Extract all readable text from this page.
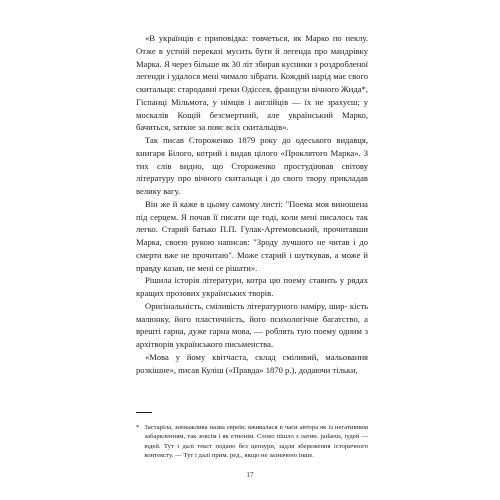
«В українців є приповідка: товчеться, як Марко по пеклу. Отже в устній переказі мусить бути й легенда про мандрівку Марка. Я через більше як 30 літ збирав кусники з роздробленої легенди і удалося мені чимало зібрати. Кождий нарід має свого скитальця: стародавні греки Одіссея, французи вічного Жида*, Гіспанці Мільмота, у німців і англійців — їх не зрахуєш; у москалів Кощій безсмертний, але український Марко, бачиться, заткне за пояс всіх скитальців».

Так писав Стороженко 1879 року до одеського видавця, книгаря Білого, котрий і видав цілого «Проклятого Марка». З тих слів видно, що Стороженко простудіював світову літературу про вічного скитальця і до свого твору прикладав велику вагу.

Він же й каже в цьому самому листі: "Поема моя виношена під серцем. Я почав її писати ще тоді, коли мені писалось так легко. Старий батько П.П. Гулак-Артемовський, прочитавши Марка, своєю рукою написав: "Зроду лучшого не читав і до смерти вже не прочитаю". Може старий і шуткував, а може й правду казав, не мені се рішати».

Рішила історія літератури, котра цю поему ставить у рядах кращих прозових українських творів.

Оригінальність, сміливість літературного наміру, шир- кість малюнку, його пластичність, його психологічне багатство, а врешті гарна, дуже гарна мова, — роблять тую поему одним з архітворів українського письменства.

«Мова у йому квітчаста, склад сміливий, мальовання розкішне», писав Куліш («Правда» 1870 р.), додаючи тільки,

* Застаріла, зневажлива назва євреїв; вживалася в часи автора як із негативним забарвленням, так зовсім і як етнонім. Слово пішло з латин. judaeus, іудей — юдей. Тут і далі текст подано без цензури, задля збереження історичного контексту. — Тут і далі прим. ред., якщо не зазначено інше.
17
